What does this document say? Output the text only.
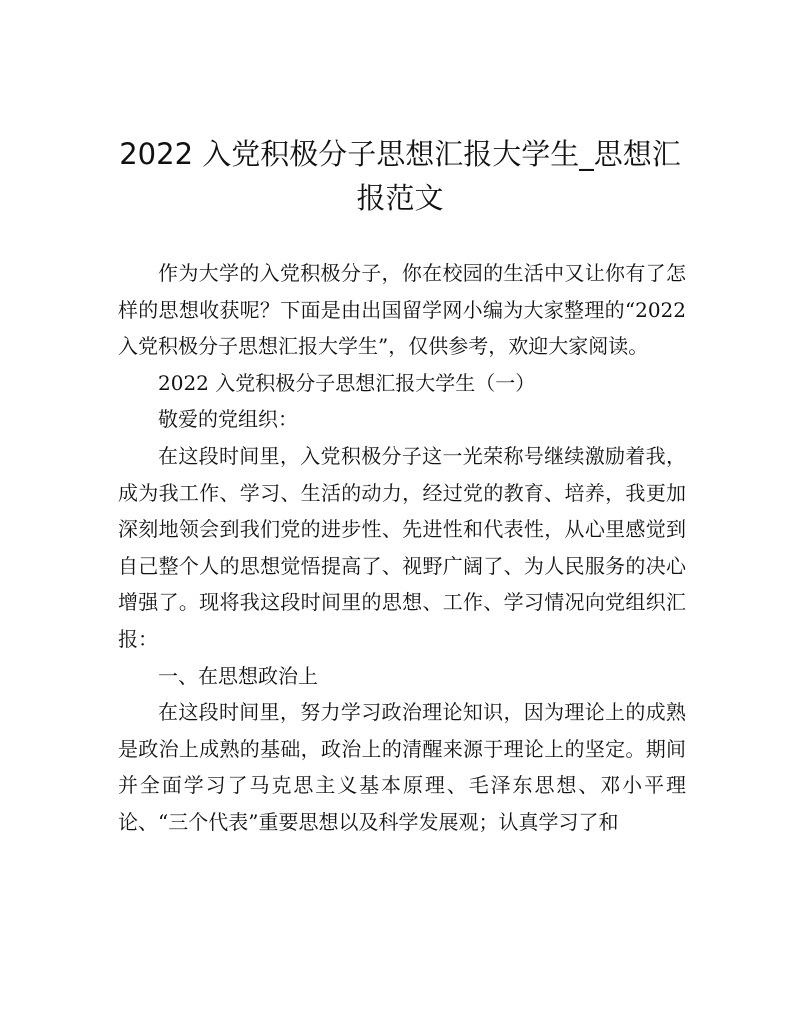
2022 入党积极分子思想汇报大学生_思想汇
报范文

作为大学的入党积极分子，你在校园的生活中又让你有了怎样的思想收获呢？下面是由出国留学网小编为大家整理的“2022 入党积极分子思想汇报大学生”，仅供参考，欢迎大家阅读。

2022 入党积极分子思想汇报大学生（一）

敬爱的党组织：

在这段时间里，入党积极分子这一光荣称号继续激励着我，成为我工作、学习、生活的动力，经过党的教育、培养，我更加深刻地领会到我们党的进步性、先进性和代表性，从心里感觉到自己整个人的思想觉悟提高了、视野广阔了、为人民服务的决心增强了。现将我这段时间里的思想、工作、学习情况向党组织汇报：

一、在思想政治上

在这段时间里，努力学习政治理论知识，因为理论上的成熟是政治上成熟的基础，政治上的清醒来源于理论上的坚定。期间并全面学习了马克思主义基本原理、毛泽东思想、邓小平理论、“三个代表”重要思想以及科学发展观；认真学习了和
